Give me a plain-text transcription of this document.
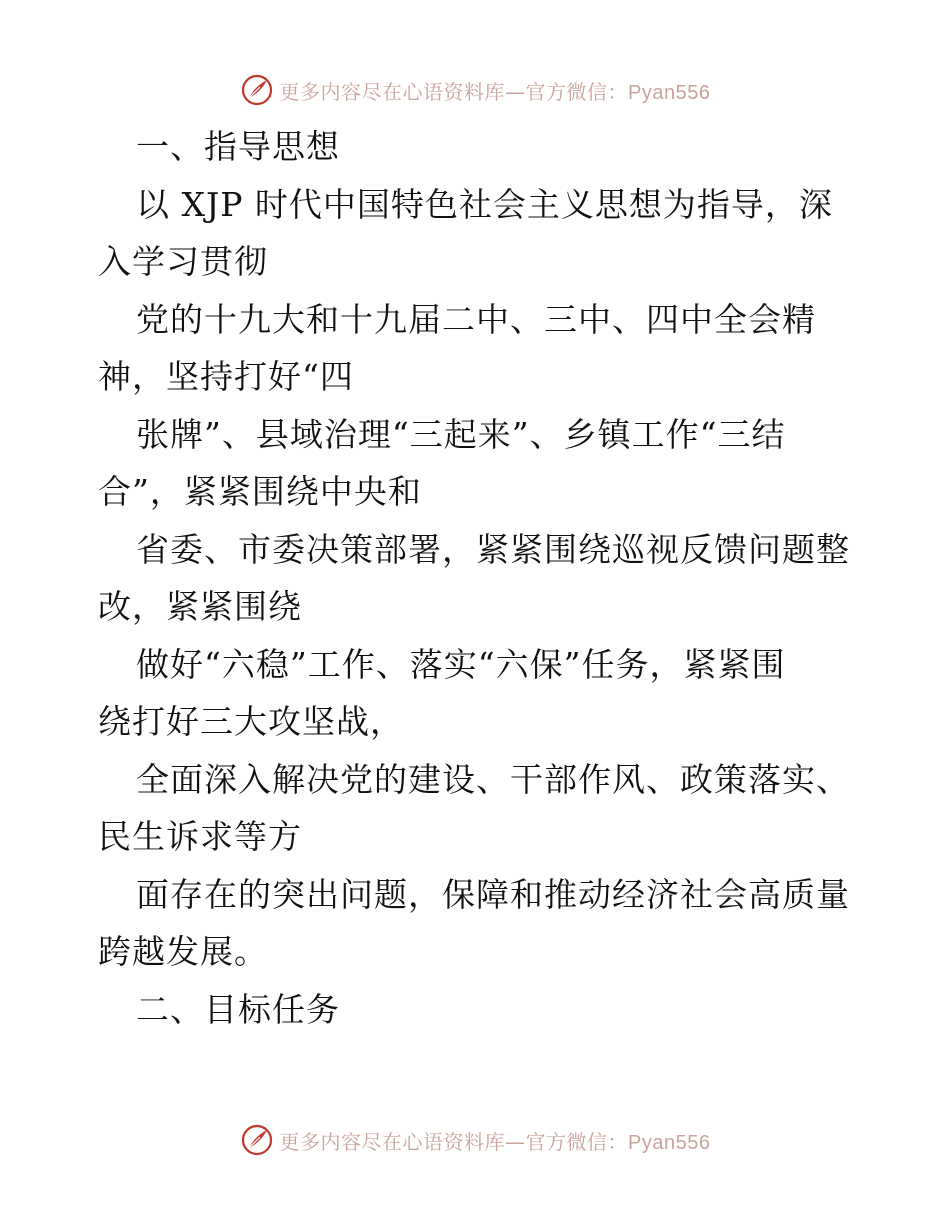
更多内容尽在心语资料库—官方微信：Pyan556
一、指导思想
以 XJP 时代中国特色社会主义思想为指导，深
入学习贯彻
党的十九大和十九届二中、三中、四中全会精
神，坚持打好“四
张牌”、县域治理“三起来”、乡镇工作“三结
合”，紧紧围绕中央和
省委、市委决策部署，紧紧围绕巡视反馈问题整
改，紧紧围绕
做好“六稳”工作、落实“六保”任务，紧紧围
绕打好三大攻坚战，
全面深入解决党的建设、干部作风、政策落实、
民生诉求等方
面存在的突出问题，保障和推动经济社会高质量
跨越发展。
二、目标任务
更多内容尽在心语资料库—官方微信：Pyan556
